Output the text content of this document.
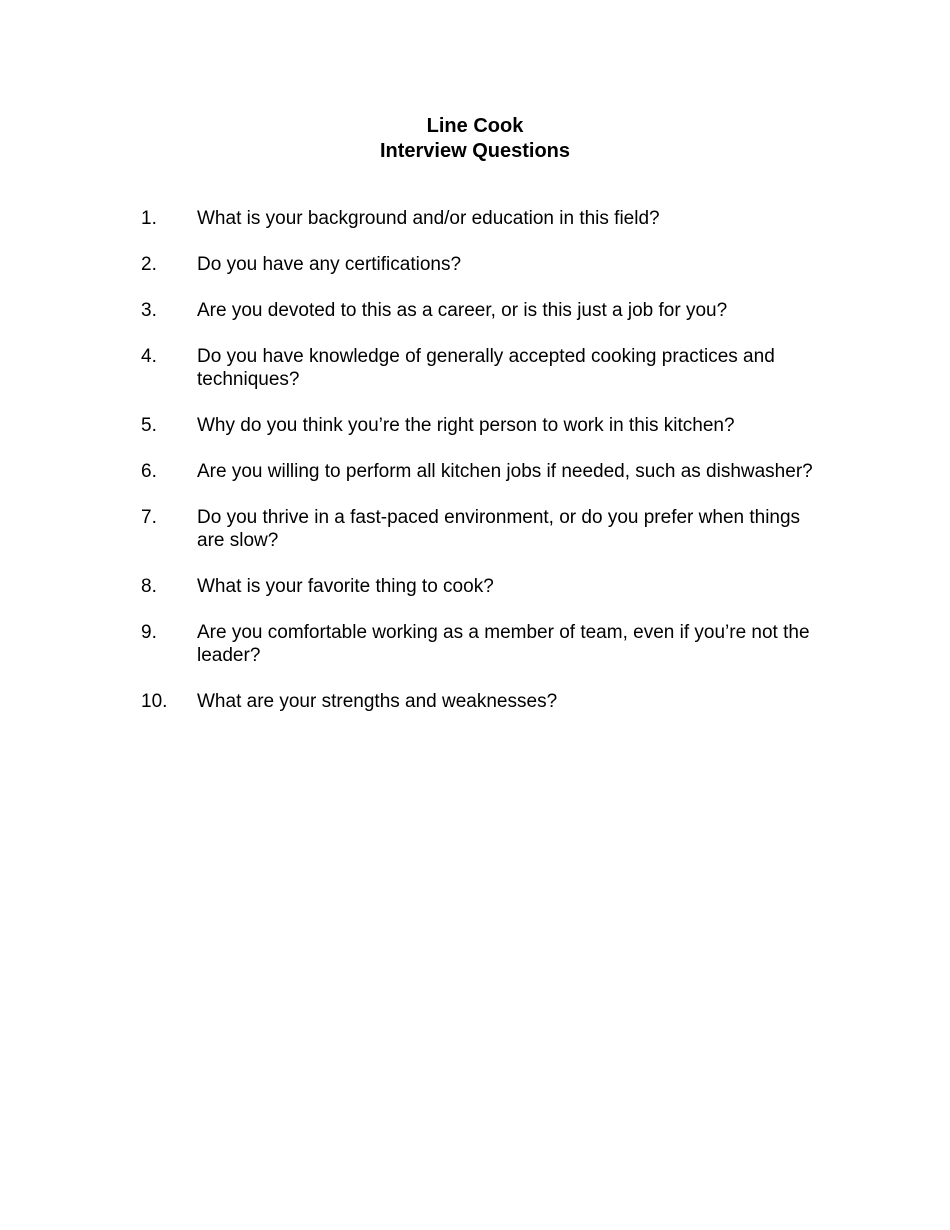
Line Cook
Interview Questions
1.	What is your background and/or education in this field?
2.	Do you have any certifications?
3.	Are you devoted to this as a career, or is this just a job for you?
4.	Do you have knowledge of generally accepted cooking practices and techniques?
5.	Why do you think you’re the right person to work in this kitchen?
6.	Are you willing to perform all kitchen jobs if needed, such as dishwasher?
7.	Do you thrive in a fast-paced environment, or do you prefer when things are slow?
8.	What is your favorite thing to cook?
9.	Are you comfortable working as a member of team, even if you’re not the leader?
10.	What are your strengths and weaknesses?
